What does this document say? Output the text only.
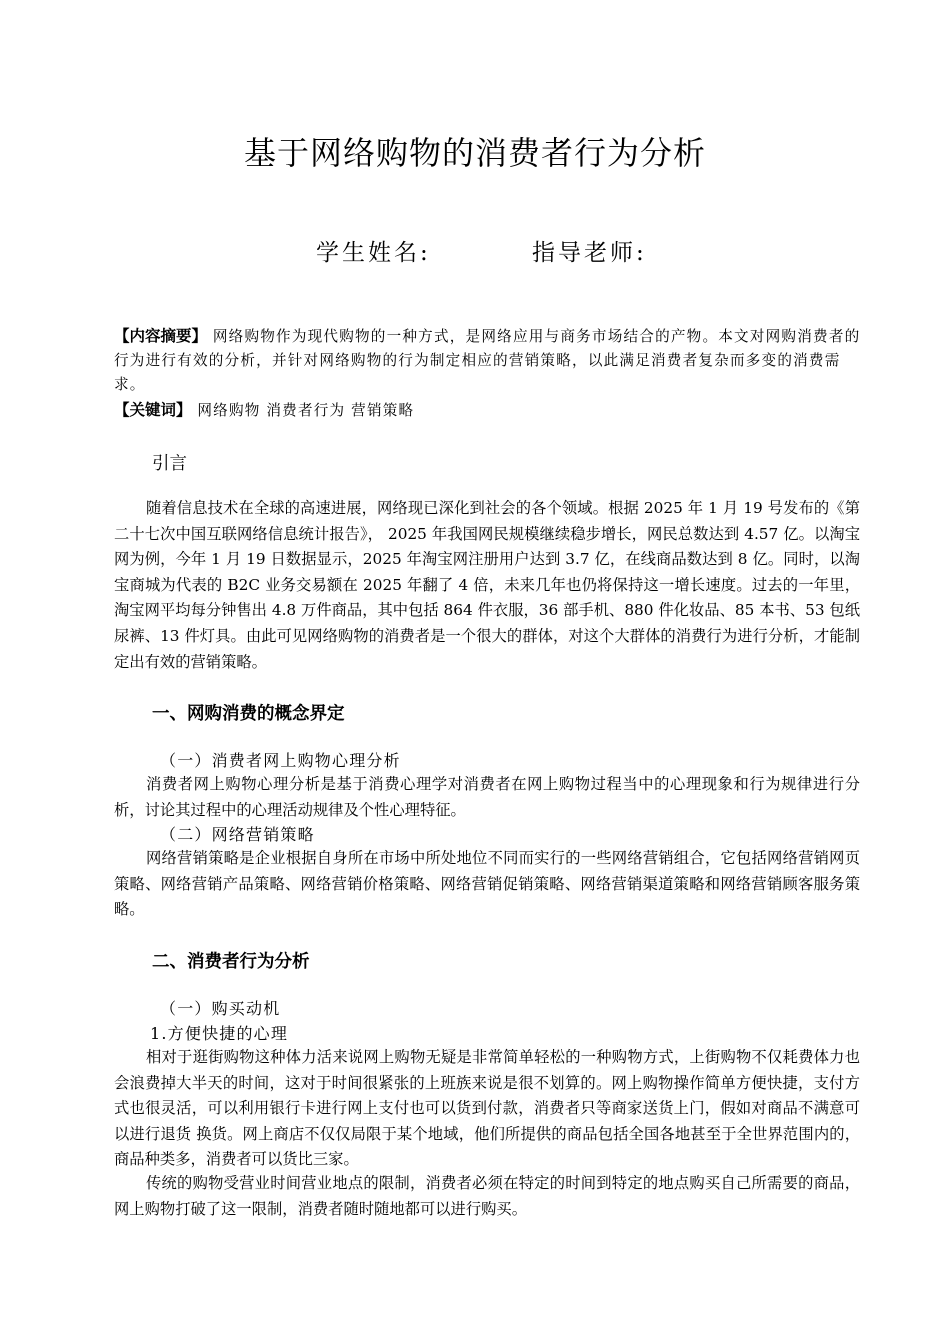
基于网络购物的消费者行为分析
学生姓名:	指导老师:

【内容摘要】 网络购物作为现代购物的一种方式，是网络应用与商务市场结合的产物。本文对网购消费者的行为进行有效的分析，并针对网络购物的行为制定相应的营销策略，以此满足消费者复杂而多变的消费需求。

【关键词】 网络购物 消费者行为 营销策略

引言

随着信息技术在全球的高速进展，网络现已深化到社会的各个领域。根据 2025 年 1 月 19 号发布的《第二十七次中国互联网络信息统计报告》， 2025 年我国网民规模继续稳步增长，网民总数达到 4.57 亿。以淘宝网为例，今年 1 月 19 日数据显示，2025 年淘宝网注册用户达到 3.7 亿，在线商品数达到 8 亿。同时，以淘宝商城为代表的 B2C 业务交易额在 2025 年翻了 4 倍，未来几年也仍将保持这一增长速度。过去的一年里，淘宝网平均每分钟售出 4.8 万件商品，其中包括 864 件衣服，36 部手机、880 件化妆品、85 本书、53 包纸尿裤、13 件灯具。由此可见网络购物的消费者是一个很大的群体，对这个大群体的消费行为进行分析，才能制定出有效的营销策略。

一、网购消费的概念界定
（一）消费者网上购物心理分析

消费者网上购物心理分析是基于消费心理学对消费者在网上购物过程当中的心理现象和行为规律进行分析，讨论其过程中的心理活动规律及个性心理特征。

（二）网络营销策略

网络营销策略是企业根据自身所在市场中所处地位不同而实行的一些网络营销组合，它包括网络营销网页策略、网络营销产品策略、网络营销价格策略、网络营销促销策略、网络营销渠道策略和网络营销顾客服务策略。

二、消费者行为分析
（一）购买动机
1.方便快捷的心理

相对于逛街购物这种体力活来说网上购物无疑是非常简单轻松的一种购物方式，上街购物不仅耗费体力也会浪费掉大半天的时间，这对于时间很紧张的上班族来说是很不划算的。网上购物操作简单方便快捷，支付方式也很灵活，可以利用银行卡进行网上支付也可以货到付款，消费者只等商家送货上门，假如对商品不满意可以进行退货 换货。网上商店不仅仅局限于某个地域，他们所提供的商品包括全国各地甚至于全世界范围内的，商品种类多，消费者可以货比三家。

传统的购物受营业时间营业地点的限制，消费者必须在特定的时间到特定的地点购买自己所需要的商品，网上购物打破了这一限制，消费者随时随地都可以进行购买。
